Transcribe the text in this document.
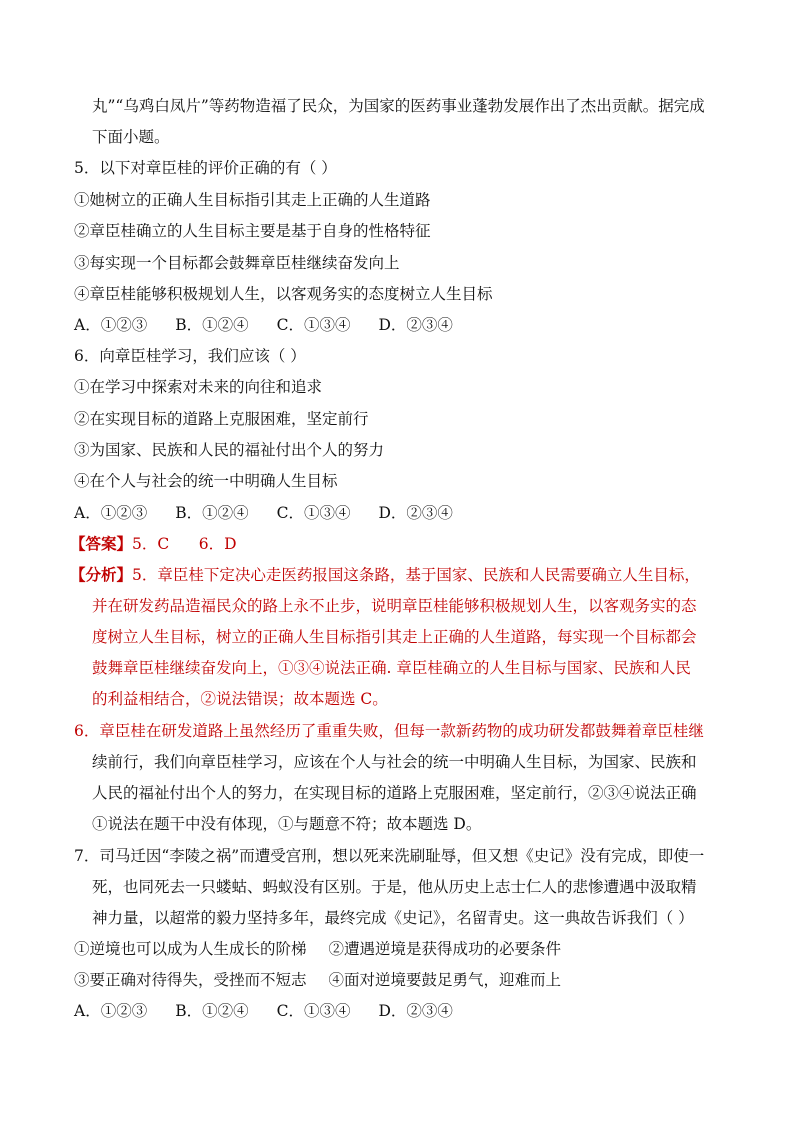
丸”“乌鸡白凤片”等药物造福了民众，为国家的医药事业蓬勃发展作出了杰出贡献。据完成
下面小题。
5．以下对章臣桂的评价正确的有（ ）
①她树立的正确人生目标指引其走上正确的人生道路
②章臣桂确立的人生目标主要是基于自身的性格特征
③每实现一个目标都会鼓舞章臣桂继续奋发向上
④章臣桂能够积极规划人生，以客观务实的态度树立人生目标
A．①②③ B．①②④ C．①③④ D．②③④
6．向章臣桂学习，我们应该（ ）
①在学习中探索对未来的向往和追求
②在实现目标的道路上克服困难，坚定前行
③为国家、民族和人民的福祉付出个人的努力
④在个人与社会的统一中明确人生目标
A．①②③ B．①②④ C．①③④ D．②③④
【答案】5．C      6．D
【分析】5．章臣桂下定决心走医药报国这条路，基于国家、民族和人民需要确立人生目标，
并在研发药品造福民众的路上永不止步，说明章臣桂能够积极规划人生，以客观务实的态
度树立人生目标，树立的正确人生目标指引其走上正确的人生道路，每实现一个目标都会
鼓舞章臣桂继续奋发向上，①③④说法正确. 章臣桂确立的人生目标与国家、民族和人民
的利益相结合，②说法错误；故本题选 C。
6．章臣桂在研发道路上虽然经历了重重失败，但每一款新药物的成功研发都鼓舞着章臣桂继
续前行，我们向章臣桂学习，应该在个人与社会的统一中明确人生目标，为国家、民族和
人民的福祉付出个人的努力，在实现目标的道路上克服困难，坚定前行，②③④说法正确
①说法在题干中没有体现，①与题意不符；故本题选 D。
7．司马迁因“李陵之祸”而遭受宫刑，想以死来洗刷耻辱，但又想《史记》没有完成，即使一
死，也同死去一只蝼蛄、蚂蚁没有区别。于是，他从历史上志士仁人的悲惨遭遇中汲取精
神力量，以超常的毅力坚持多年，最终完成《史记》，名留青史。这一典故告诉我们（ ）
①逆境也可以成为人生成长的阶梯 ②遭遇逆境是获得成功的必要条件
③要正确对待得失，受挫而不短志 ④面对逆境要鼓足勇气，迎难而上
A．①②③ B．①②④ C．①③④ D．②③④
